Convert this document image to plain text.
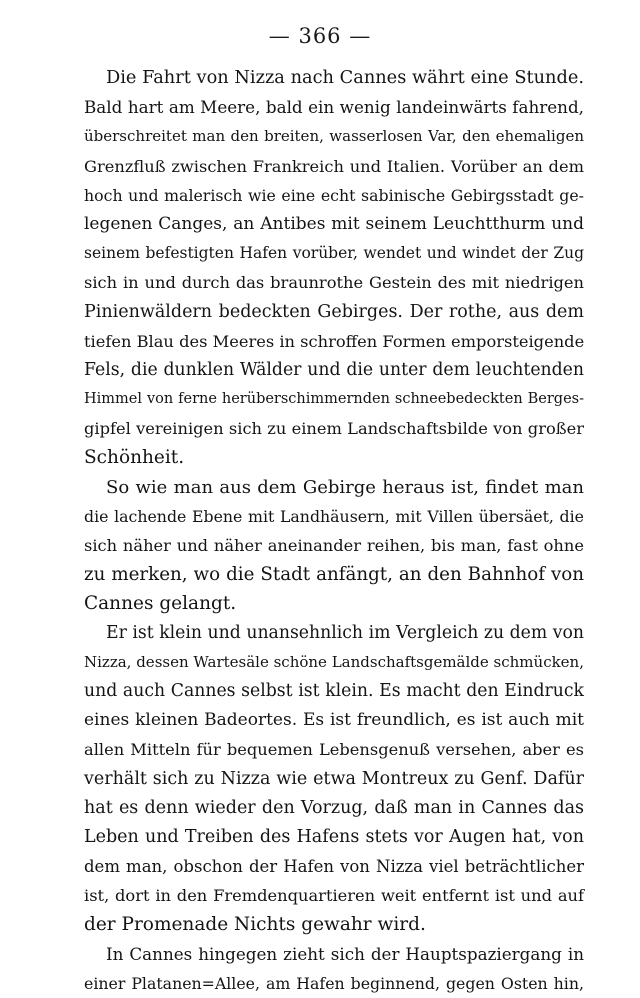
— 366 —
Die Fahrt von Nizza nach Cannes währt eine Stunde.
Bald hart am Meere, bald ein wenig landeinwärts fahrend,
überschreitet man den breiten, wasserlosen Var, den ehemaligen
Grenzfluß zwischen Frankreich und Italien. Vorüber an dem
hoch und malerisch wie eine echt sabinische Gebirgsstadt ge-
legenen Canges, an Antibes mit seinem Leuchtthurm und
seinem befestigten Hafen vorüber, wendet und windet der Zug
sich in und durch das braunrothe Gestein des mit niedrigen
Pinienwäldern bedeckten Gebirges. Der rothe, aus dem
tiefen Blau des Meeres in schroffen Formen emporsteigende
Fels, die dunklen Wälder und die unter dem leuchtenden
Himmel von ferne herüberschimmernden schneebedeckten Berges-
gipfel vereinigen sich zu einem Landschaftsbilde von großer
Schönheit.
So wie man aus dem Gebirge heraus ist, findet man
die lachende Ebene mit Landhäusern, mit Villen übersäet, die
sich näher und näher aneinander reihen, bis man, fast ohne
zu merken, wo die Stadt anfängt, an den Bahnhof von
Cannes gelangt.
Er ist klein und unansehnlich im Vergleich zu dem von
Nizza, dessen Wartesäle schöne Landschaftsgemälde schmücken,
und auch Cannes selbst ist klein. Es macht den Eindruck
eines kleinen Badeortes. Es ist freundlich, es ist auch mit
allen Mitteln für bequemen Lebensgenuß versehen, aber es
verhält sich zu Nizza wie etwa Montreux zu Genf. Dafür
hat es denn wieder den Vorzug, daß man in Cannes das
Leben und Treiben des Hafens stets vor Augen hat, von
dem man, obschon der Hafen von Nizza viel beträchtlicher
ist, dort in den Fremdenquartieren weit entfernt ist und auf
der Promenade Nichts gewahr wird.
In Cannes hingegen zieht sich der Hauptspaziergang in
einer Platanen=Allee, am Hafen beginnend, gegen Osten hin,
